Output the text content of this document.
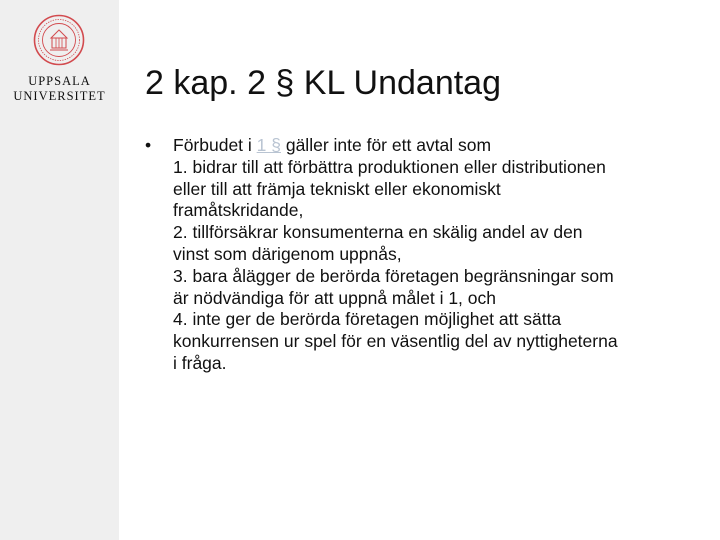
UPPSALA
UNIVERSITET	2 kap. 2 § KL Undantag
• Förbudet i 1 § gäller inte för ett avtal som
1. bidrar till att förbättra produktionen eller distributionen
eller till att främja tekniskt eller ekonomiskt
framåtskridande,
2. tillförsäkrar konsumenterna en skälig andel av den
vinst som därigenom uppnås,
3. bara ålägger de berörda företagen begränsningar som
är nödvändiga för att uppnå målet i 1, och
4. inte ger de berörda företagen möjlighet att sätta
konkurrensen ur spel för en väsentlig del av nyttigheterna
i fråga.
